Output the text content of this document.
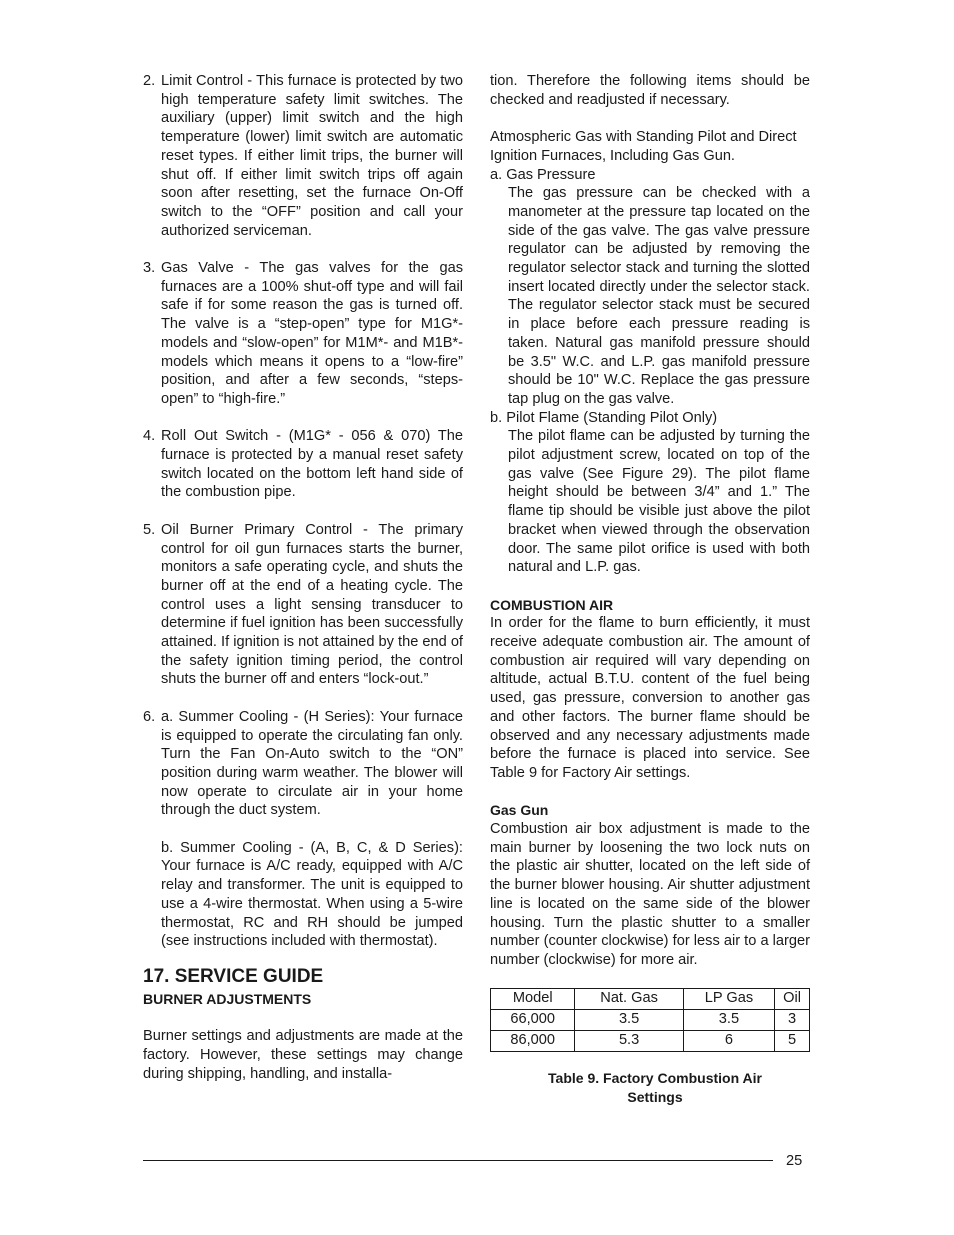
2. Limit Control - This furnace is protected by two high temperature safety limit switches. The auxiliary (upper) limit switch and the high temperature (lower) limit switch are automatic reset types. If either limit trips, the burner will shut off. If either limit switch trips off again soon after resetting, set the furnace On-Off switch to the “OFF” position and call your authorized serviceman.

3. Gas Valve - The gas valves for the gas furnaces are a 100% shut-off type and will fail safe if for some reason the gas is turned off. The valve is a “step-open” type for M1G*-models and “slow-open” for M1M*- and M1B*-models which means it opens to a “low-fire” position, and after a few seconds, “steps-open” to “high-fire.”

4. Roll Out Switch - (M1G* - 056 & 070) The furnace is protected by a manual reset safety switch located on the bottom left hand side of the combustion pipe.

5. Oil Burner Primary Control - The primary control for oil gun furnaces starts the burner, monitors a safe operating cycle, and shuts the burner off at the end of a heating cycle. The control uses a light sensing transducer to determine if fuel ignition has been successfully attained. If ignition is not attained by the end of the safety ignition timing period, the control shuts the burner off and enters “lock-out.”

6. a. Summer Cooling - (H Series): Your furnace is equipped to operate the circulating fan only. Turn the Fan On-Auto switch to the “ON” position during warm weather. The blower will now operate to circulate air in your home through the duct system.

b. Summer Cooling - (A, B, C, & D Series): Your furnace is A/C ready, equipped with A/C relay and transformer. The unit is equipped to use a 4-wire thermostat. When using a 5-wire thermostat, RC and RH should be jumped (see instructions included with thermostat).

17. SERVICE GUIDE
BURNER ADJUSTMENTS

Burner settings and adjustments are made at the factory. However, these settings may change during shipping, handling, and installa-

tion. Therefore the following items should be checked and readjusted if necessary.

Atmospheric Gas with Standing Pilot and Direct Ignition Furnaces, Including Gas Gun.

a. Gas Pressure

The gas pressure can be checked with a manometer at the pressure tap located on the side of the gas valve. The gas valve pressure regulator can be adjusted by removing the regulator selector stack and turning the slotted insert located directly under the selector stack. The regulator selector stack must be secured in place before each pressure reading is taken. Natural gas manifold pressure should be 3.5" W.C. and L.P. gas manifold pressure should be 10" W.C. Replace the gas pressure tap plug on the gas valve.

b. Pilot Flame (Standing Pilot Only)

The pilot flame can be adjusted by turning the pilot adjustment screw, located on top of the gas valve (See Figure 29). The pilot flame height should be between 3/4” and 1.” The flame tip should be visible just above the pilot bracket when viewed through the observation door. The same pilot orifice is used with both natural and L.P. gas.

COMBUSTION AIR

In order for the flame to burn efficiently, it must receive adequate combustion air. The amount of combustion air required will vary depending on altitude, actual B.T.U. content of the fuel being used, gas pressure, conversion to another gas and other factors. The burner flame should be observed and any necessary adjustments made before the furnace is placed into service. See Table 9 for Factory Air settings.

Gas Gun

Combustion air box adjustment is made to the main burner by loosening the two lock nuts on the plastic air shutter, located on the left side of the burner blower housing. Air shutter adjustment line is located on the same side of the blower housing. Turn the plastic shutter to a smaller number (counter clockwise) for less air to a larger number (clockwise) for more air.

Model	Nat. Gas	LP Gas	Oil
66,000	3.5	3.5	3
86,000	5.3	6	5
Table 9. Factory Combustion Air
Settings
25
